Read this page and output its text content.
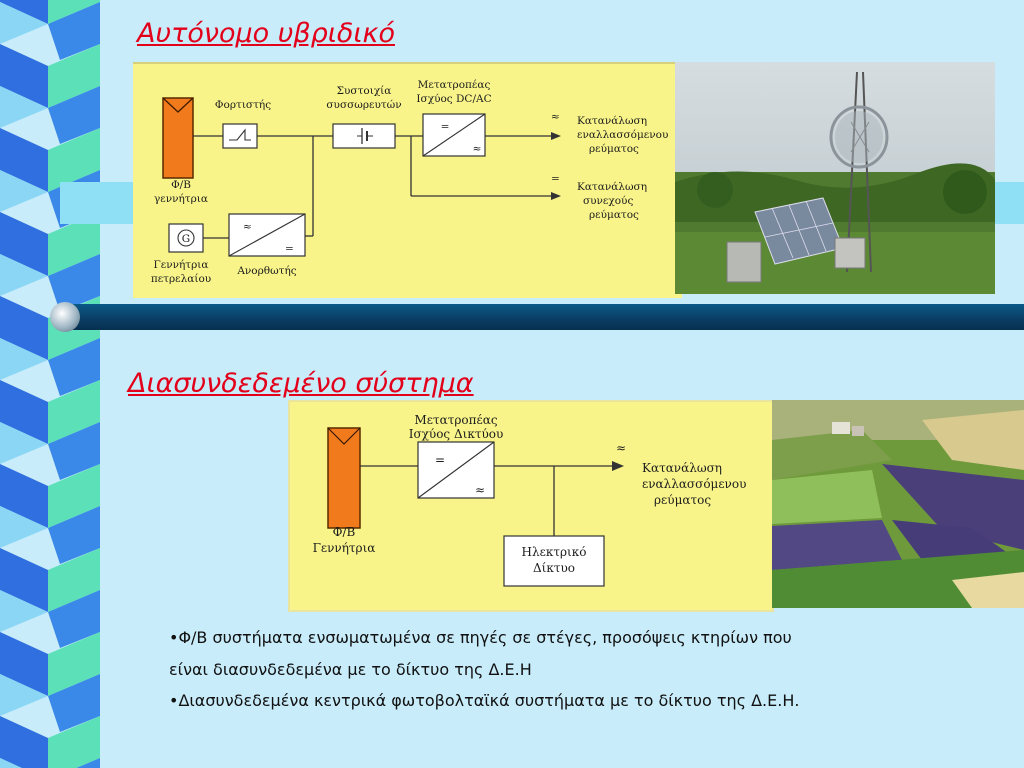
Αυτόνομο υβριδικό
Φ/Β
γεννήτρια
Φορτιστής
Συστοιχία
συσσωρευτών
=
≈
Μετατροπέας
Ισχύος DC/AC
≈
=
Κατανάλωση
εναλλασσόμενου
ρεύματος
Κατανάλωση
συνεχούς
ρεύματος
G
Γεννήτρια
πετρελαίου
≈
=
Ανορθωτής
Διασυνδεδεμένο σύστημα
Φ/Β
Γεννήτρια
=
≈
Μετατροπέας
Ισχύος Δικτύου
≈
Κατανάλωση
εναλλασσόμενου
ρεύματος
Ηλεκτρικό
Δίκτυο
•Φ/Β συστήματα ενσωματωμένα σε πηγές σε στέγες, προσόψεις κτηρίων που
είναι διασυνδεδεμένα με το δίκτυο της Δ.Ε.Η
•Διασυνδεδεμένα κεντρικά φωτοβολταϊκά συστήματα με το δίκτυο της Δ.Ε.Η.
